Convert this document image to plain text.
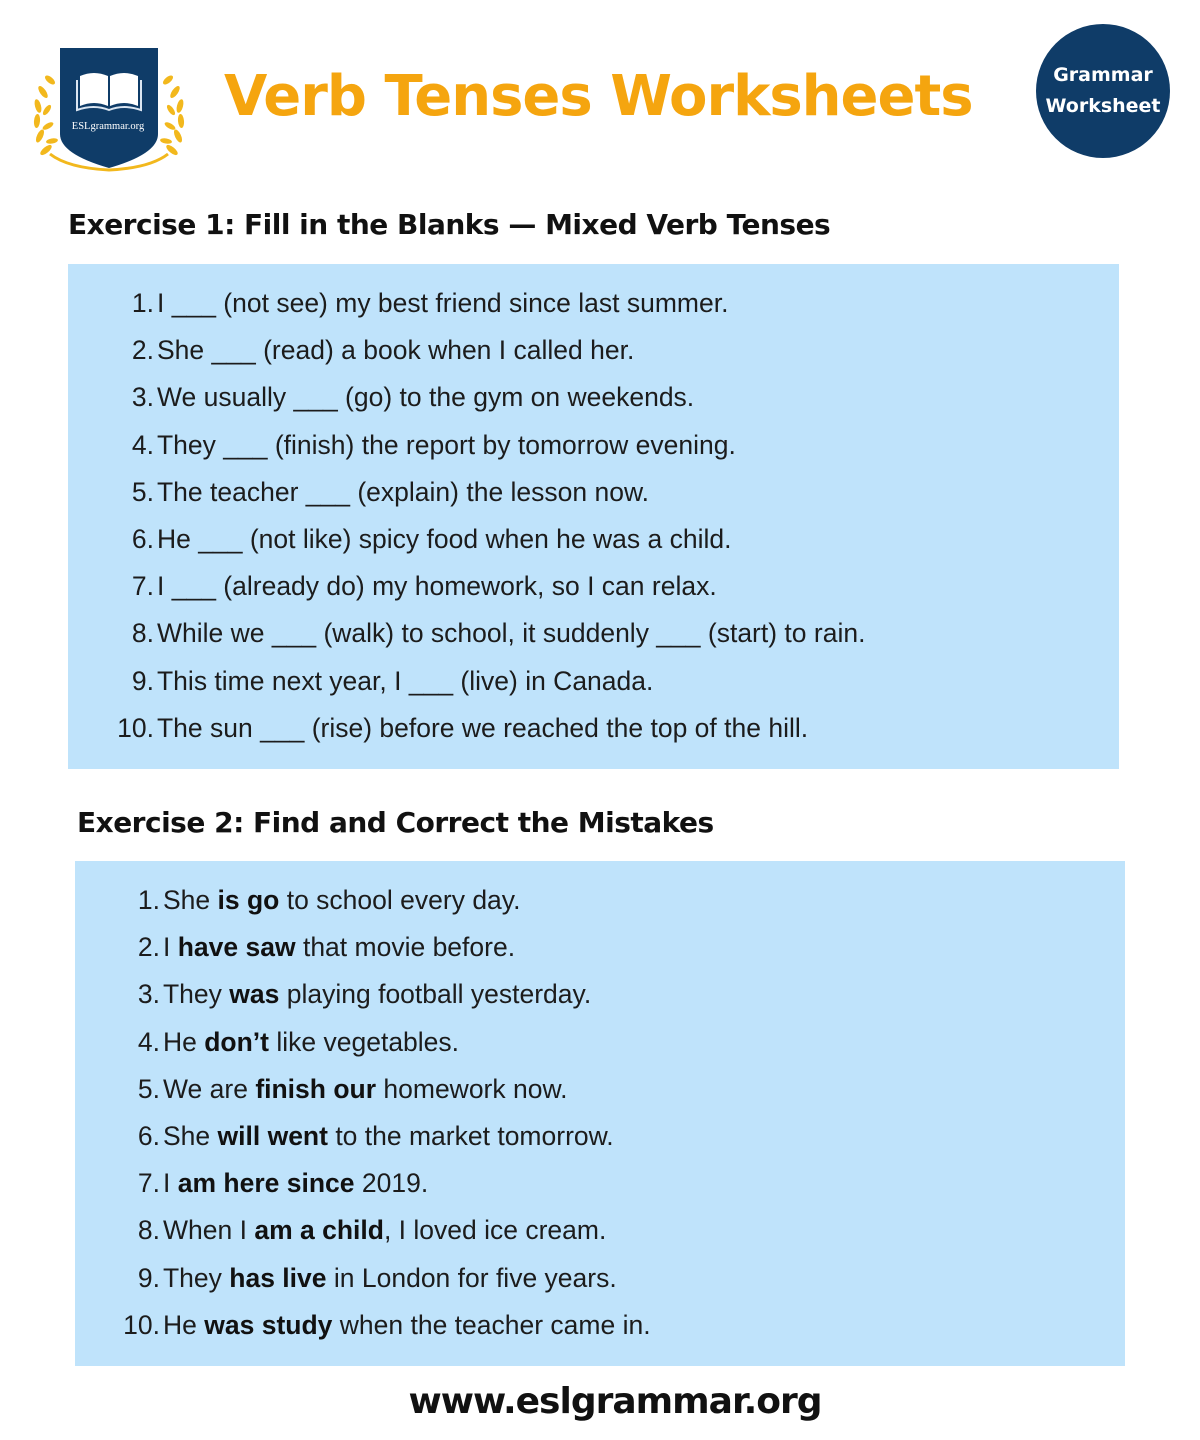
ESLgrammar.org Verb Tenses Worksheets	Grammar
Worksheet
Exercise 1: Fill in the Blanks — Mixed Verb Tenses
1. I ___ (not see) my best friend since last summer.
2. She ___ (read) a book when I called her.
3. We usually ___ (go) to the gym on weekends.
4. They ___ (finish) the report by tomorrow evening.
5. The teacher ___ (explain) the lesson now.
6. He ___ (not like) spicy food when he was a child.
7. I ___ (already do) my homework, so I can relax.
8. While we ___ (walk) to school, it suddenly ___ (start) to rain.
9. This time next year, I ___ (live) in Canada.
10. The sun ___ (rise) before we reached the top of the hill.
Exercise 2: Find and Correct the Mistakes
1. She is go to school every day.
2. I have saw that movie before.
3. They was playing football yesterday.
4. He don’t like vegetables.
5. We are finish our homework now.
6. She will went to the market tomorrow.
7. I am here since 2019.
8. When I am a child, I loved ice cream.
9. They has live in London for five years.
10. He was study when the teacher came in.
www.eslgrammar.org
